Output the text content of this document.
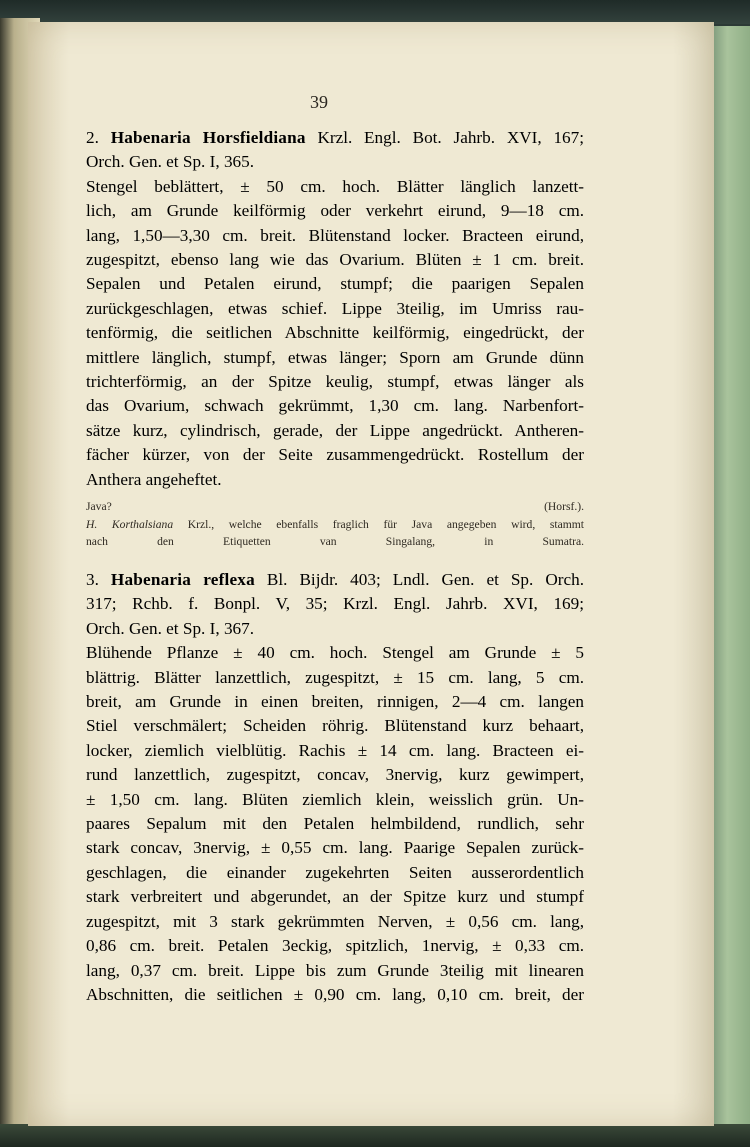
39
2. Habenaria Horsfieldiana Krzl. Engl. Bot. Jahrb. XVI, 167;
Orch. Gen. et Sp. I, 365.
Stengel beblättert, ± 50 cm. hoch. Blätter länglich lanzett-
lich, am Grunde keilförmig oder verkehrt eirund, 9—18 cm.
lang, 1,50—3,30 cm. breit. Blütenstand locker. Bracteen eirund,
zugespitzt, ebenso lang wie das Ovarium. Blüten ± 1 cm. breit.
Sepalen und Petalen eirund, stumpf; die paarigen Sepalen
zurückgeschlagen, etwas schief. Lippe 3teilig, im Umriss rau-
tenförmig, die seitlichen Abschnitte keilförmig, eingedrückt, der
mittlere länglich, stumpf, etwas länger; Sporn am Grunde dünn
trichterförmig, an der Spitze keulig, stumpf, etwas länger als
das Ovarium, schwach gekrümmt, 1,30 cm. lang. Narbenfort-
sätze kurz, cylindrisch, gerade, der Lippe angedrückt. Antheren-
fächer kürzer, von der Seite zusammengedrückt. Rostellum der
Anthera angeheftet.
Java? (Horsf.).
H. Korthalsiana Krzl., welche ebenfalls fraglich für Java angegeben wird, stammt
nach den Etiquetten van Singalang, in Sumatra.
3. Habenaria reflexa Bl. Bijdr. 403; Lndl. Gen. et Sp. Orch.
317; Rchb. f. Bonpl. V, 35; Krzl. Engl. Jahrb. XVI, 169;
Orch. Gen. et Sp. I, 367.
Blühende Pflanze ± 40 cm. hoch. Stengel am Grunde ± 5
blättrig. Blätter lanzettlich, zugespitzt, ± 15 cm. lang, 5 cm.
breit, am Grunde in einen breiten, rinnigen, 2—4 cm. langen
Stiel verschmälert; Scheiden röhrig. Blütenstand kurz behaart,
locker, ziemlich vielblütig. Rachis ± 14 cm. lang. Bracteen ei-
rund lanzettlich, zugespitzt, concav, 3nervig, kurz gewimpert,
± 1,50 cm. lang. Blüten ziemlich klein, weisslich grün. Un-
paares Sepalum mit den Petalen helmbildend, rundlich, sehr
stark concav, 3nervig, ± 0,55 cm. lang. Paarige Sepalen zurück-
geschlagen, die einander zugekehrten Seiten ausserordentlich
stark verbreitert und abgerundet, an der Spitze kurz und stumpf
zugespitzt, mit 3 stark gekrümmten Nerven, ± 0,56 cm. lang,
0,86 cm. breit. Petalen 3eckig, spitzlich, 1nervig, ± 0,33 cm.
lang, 0,37 cm. breit. Lippe bis zum Grunde 3teilig mit linearen
Abschnitten, die seitlichen ± 0,90 cm. lang, 0,10 cm. breit, der
